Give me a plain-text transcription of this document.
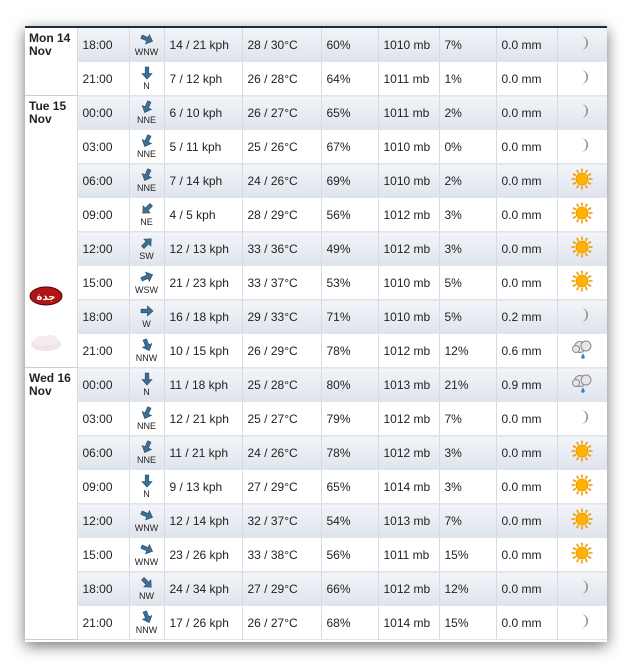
Mon 14
Nov	18:00	WNW	14 / 21 kph	28 / 30°C	60%	1010 mb	7%	0.0 mm	
	21:00	N	7 / 12 kph	26 / 28°C	64%	1011 mb	1%	0.0 mm	
Tue 15
Nov
جدة	00:00	NNE	6 / 10 kph	26 / 27°C	65%	1011 mb	2%	0.0 mm	
	03:00	NNE	5 / 11 kph	25 / 26°C	67%	1010 mb	0%	0.0 mm	
	06:00	NNE	7 / 14 kph	24 / 26°C	69%	1010 mb	2%	0.0 mm	
	09:00	NE	4 / 5 kph	28 / 29°C	56%	1012 mb	3%	0.0 mm	
	12:00	SW	12 / 13 kph	33 / 36°C	49%	1012 mb	3%	0.0 mm	
	15:00	WSW	21 / 23 kph	33 / 37°C	53%	1010 mb	5%	0.0 mm	
	18:00	W	16 / 18 kph	29 / 33°C	71%	1010 mb	5%	0.2 mm	
	21:00	NNW	10 / 15 kph	26 / 29°C	78%	1012 mb	12%	0.6 mm	
Wed 16
Nov	00:00	N	11 / 18 kph	25 / 28°C	80%	1013 mb	21%	0.9 mm	
	03:00	NNE	12 / 21 kph	25 / 27°C	79%	1012 mb	7%	0.0 mm	
	06:00	NNE	11 / 21 kph	24 / 26°C	78%	1012 mb	3%	0.0 mm	
	09:00	N	9 / 13 kph	27 / 29°C	65%	1014 mb	3%	0.0 mm	
	12:00	WNW	12 / 14 kph	32 / 37°C	54%	1013 mb	7%	0.0 mm	
	15:00	WNW	23 / 26 kph	33 / 38°C	56%	1011 mb	15%	0.0 mm	
	18:00	NW	24 / 34 kph	27 / 29°C	66%	1012 mb	12%	0.0 mm	
	21:00	NNW	17 / 26 kph	26 / 27°C	68%	1014 mb	15%	0.0 mm	
